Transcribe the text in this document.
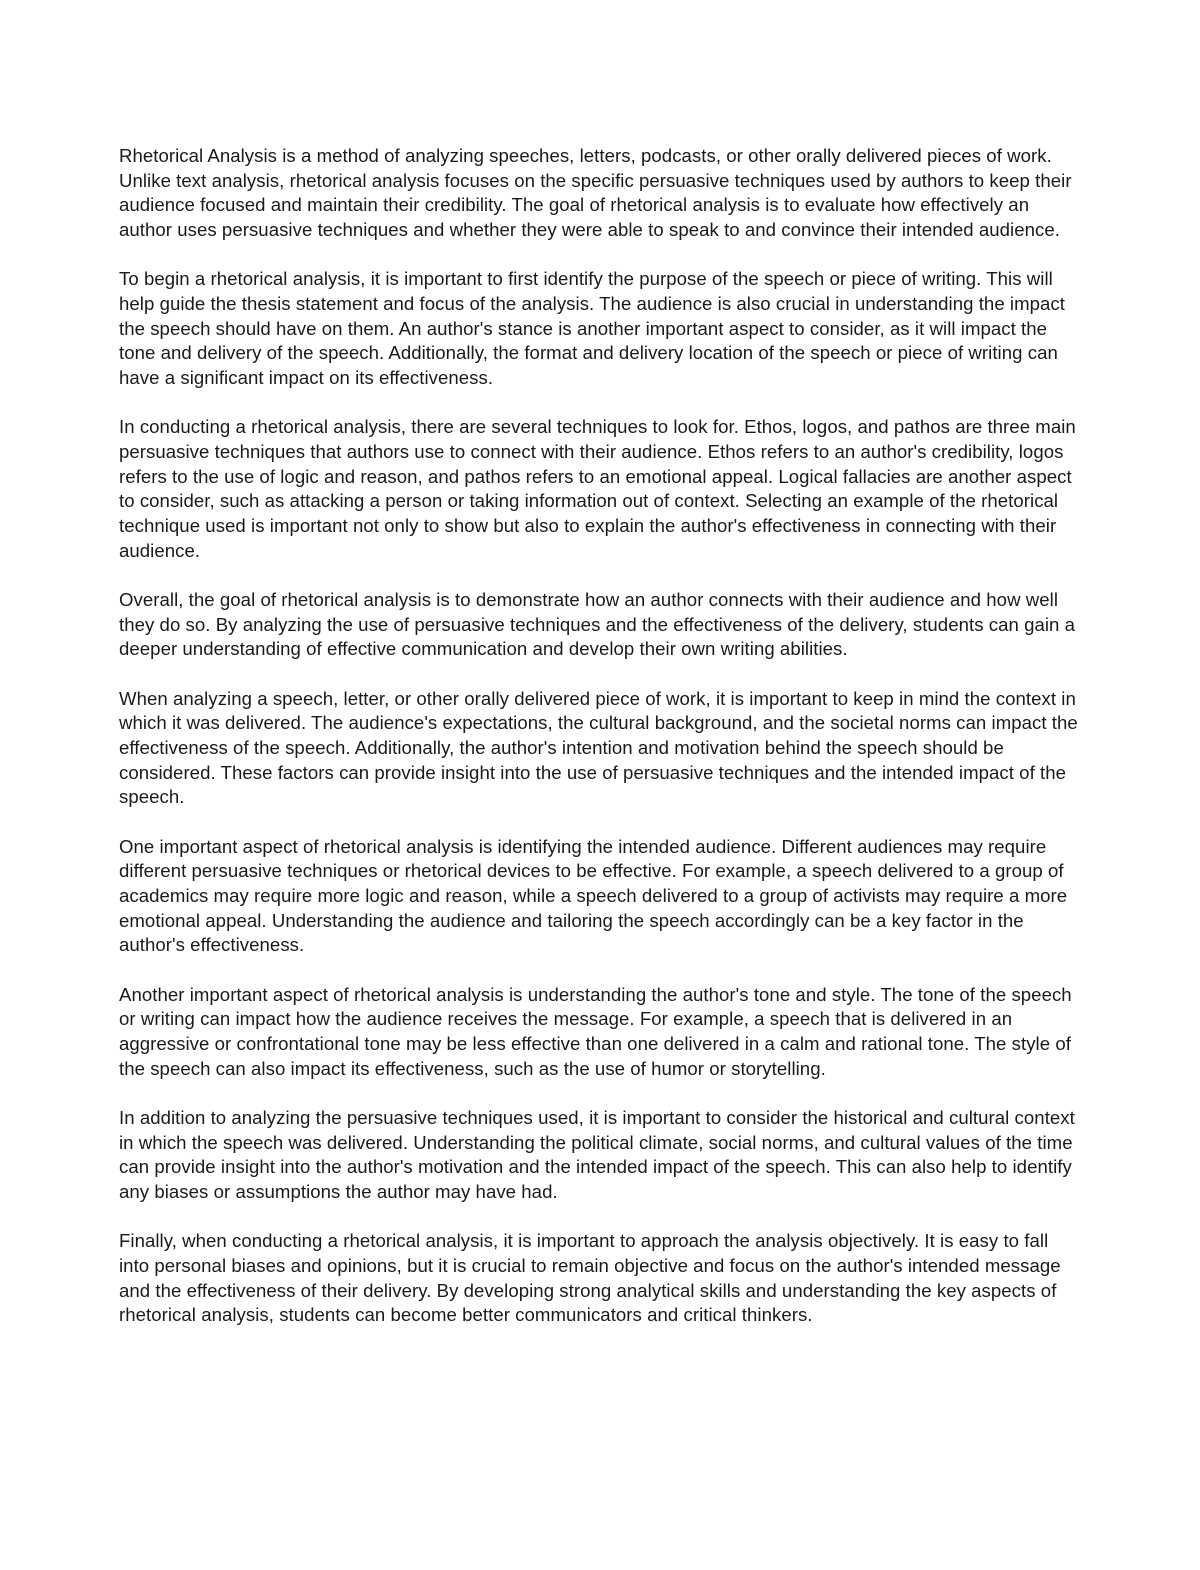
Rhetorical Analysis is a method of analyzing speeches, letters, podcasts, or other orally delivered pieces of work. Unlike text analysis, rhetorical analysis focuses on the specific persuasive techniques used by authors to keep their audience focused and maintain their credibility. The goal of rhetorical analysis is to evaluate how effectively an author uses persuasive techniques and whether they were able to speak to and convince their intended audience.

To begin a rhetorical analysis, it is important to first identify the purpose of the speech or piece of writing. This will help guide the thesis statement and focus of the analysis. The audience is also crucial in understanding the impact the speech should have on them. An author's stance is another important aspect to consider, as it will impact the tone and delivery of the speech. Additionally, the format and delivery location of the speech or piece of writing can have a significant impact on its effectiveness.

In conducting a rhetorical analysis, there are several techniques to look for. Ethos, logos, and pathos are three main persuasive techniques that authors use to connect with their audience. Ethos refers to an author's credibility, logos refers to the use of logic and reason, and pathos refers to an emotional appeal. Logical fallacies are another aspect to consider, such as attacking a person or taking information out of context. Selecting an example of the rhetorical technique used is important not only to show but also to explain the author's effectiveness in connecting with their audience.

Overall, the goal of rhetorical analysis is to demonstrate how an author connects with their audience and how well they do so. By analyzing the use of persuasive techniques and the effectiveness of the delivery, students can gain a deeper understanding of effective communication and develop their own writing abilities.

When analyzing a speech, letter, or other orally delivered piece of work, it is important to keep in mind the context in which it was delivered. The audience's expectations, the cultural background, and the societal norms can impact the effectiveness of the speech. Additionally, the author's intention and motivation behind the speech should be considered. These factors can provide insight into the use of persuasive techniques and the intended impact of the speech.

One important aspect of rhetorical analysis is identifying the intended audience. Different audiences may require different persuasive techniques or rhetorical devices to be effective. For example, a speech delivered to a group of academics may require more logic and reason, while a speech delivered to a group of activists may require a more emotional appeal. Understanding the audience and tailoring the speech accordingly can be a key factor in the author's effectiveness.

Another important aspect of rhetorical analysis is understanding the author's tone and style. The tone of the speech or writing can impact how the audience receives the message. For example, a speech that is delivered in an aggressive or confrontational tone may be less effective than one delivered in a calm and rational tone. The style of the speech can also impact its effectiveness, such as the use of humor or storytelling.

In addition to analyzing the persuasive techniques used, it is important to consider the historical and cultural context in which the speech was delivered. Understanding the political climate, social norms, and cultural values of the time can provide insight into the author's motivation and the intended impact of the speech. This can also help to identify any biases or assumptions the author may have had.

Finally, when conducting a rhetorical analysis, it is important to approach the analysis objectively. It is easy to fall into personal biases and opinions, but it is crucial to remain objective and focus on the author's intended message and the effectiveness of their delivery. By developing strong analytical skills and understanding the key aspects of rhetorical analysis, students can become better communicators and critical thinkers.
